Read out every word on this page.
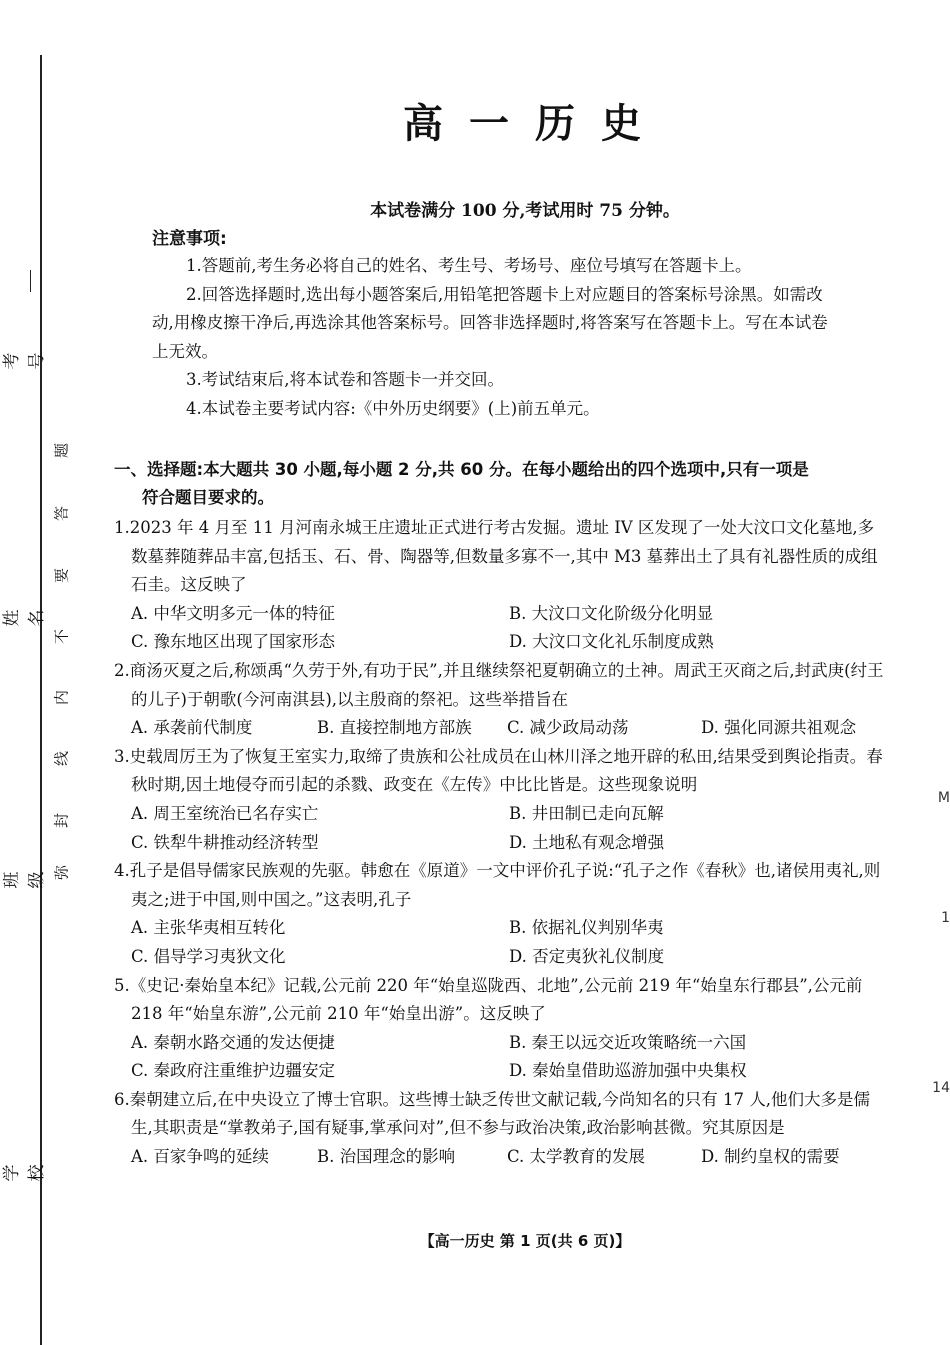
考号
姓名
班级
学校
题
答
要
不
内
线
封
弥
高一历史
本试卷满分 100 分,考试用时 75 分钟。
注意事项:

1.答题前,考生务必将自己的姓名、考生号、考场号、座位号填写在答题卡上。

2.回答选择题时,选出每小题答案后,用铅笔把答题卡上对应题目的答案标号涂黑。如需改动,用橡皮擦干净后,再选涂其他答案标号。回答非选择题时,将答案写在答题卡上。写在本试卷上无效。

3.考试结束后,将本试卷和答题卡一并交回。

4.本试卷主要考试内容:《中外历史纲要》(上)前五单元。

一、选择题:本大题共 30 小题,每小题 2 分,共 60 分。在每小题给出的四个选项中,只有一项是
符合题目要求的。
1.2023 年 4 月至 11 月河南永城王庄遗址正式进行考古发掘。遗址 IV 区发现了一处大汶口文化墓地,多数墓葬随葬品丰富,包括玉、石、骨、陶器等,但数量多寡不一,其中 M3 墓葬出土了具有礼器性质的成组石圭。这反映了
A. 中华文明多元一体的特征	B. 大汶口文化阶级分化明显
C. 豫东地区出现了国家形态	D. 大汶口文化礼乐制度成熟
2.商汤灭夏之后,称颂禹“久劳于外,有功于民”,并且继续祭祀夏朝确立的土神。周武王灭商之后,封武庚(纣王的儿子)于朝歌(今河南淇县),以主殷商的祭祀。这些举措旨在
A. 承袭前代制度	B. 直接控制地方部族	C. 减少政局动荡	D. 强化同源共祖观念
3.史载周厉王为了恢复王室实力,取缔了贵族和公社成员在山林川泽之地开辟的私田,结果受到舆论指责。春秋时期,因土地侵夺而引起的杀戮、政变在《左传》中比比皆是。这些现象说明
A. 周王室统治已名存实亡	B. 井田制已走向瓦解
C. 铁犁牛耕推动经济转型	D. 土地私有观念增强
4.孔子是倡导儒家民族观的先驱。韩愈在《原道》一文中评价孔子说:“孔子之作《春秋》也,诸侯用夷礼,则夷之;进于中国,则中国之。”这表明,孔子
A. 主张华夷相互转化	B. 依据礼仪判别华夷
C. 倡导学习夷狄文化	D. 否定夷狄礼仪制度
5.《史记·秦始皇本纪》记载,公元前 220 年“始皇巡陇西、北地”,公元前 219 年“始皇东行郡县”,公元前 218 年“始皇东游”,公元前 210 年“始皇出游”。这反映了
A. 秦朝水路交通的发达便捷	B. 秦王以远交近攻策略统一六国
C. 秦政府注重维护边疆安定	D. 秦始皇借助巡游加强中央集权
6.秦朝建立后,在中央设立了博士官职。这些博士缺乏传世文献记载,今尚知名的只有 17 人,他们大多是儒生,其职责是“掌教弟子,国有疑事,掌承问对”,但不参与政治决策,政治影响甚微。究其原因是
A. 百家争鸣的延续	B. 治国理念的影响	C. 太学教育的发展	D. 制约皇权的需要
【高一历史 第 1 页(共 6 页)】
M
1
14
